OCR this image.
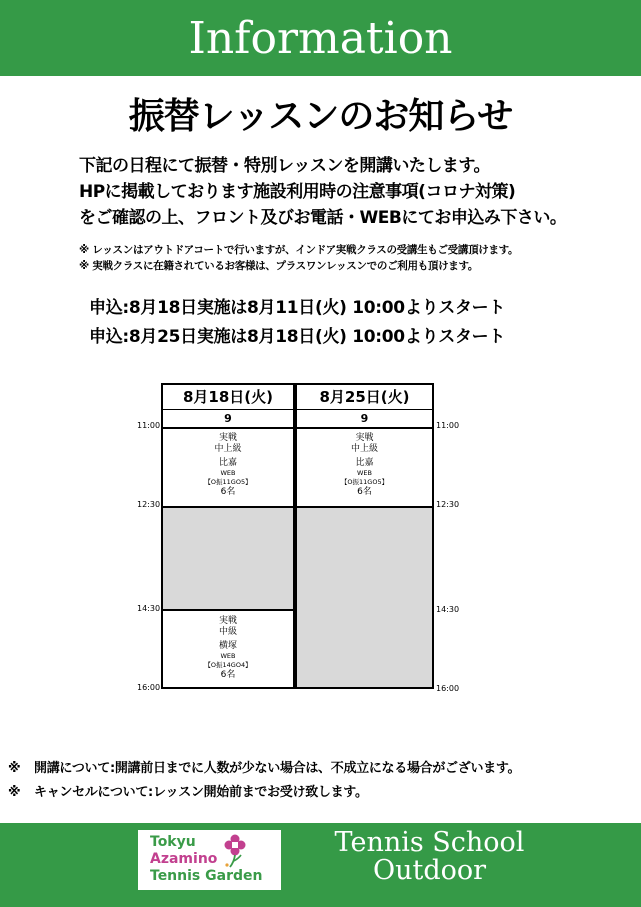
Information
振替レッスンのお知らせ
下記の日程にて振替・特別レッスンを開講いたします。
HPに掲載しております施設利用時の注意事項(コロナ対策)
をご確認の上、フロント及びお電話・WEBにてお申込み下さい。
※ レッスンはアウトドアコートで行いますが、インドア実戦クラスの受講生もご受講頂けます。
※ 実戦クラスに在籍されているお客様は、プラスワンレッスンでのご利用も頂けます。
申込:8月18日実施は8月11日(火) 10:00よりスタート
申込:8月25日実施は8月18日(火) 10:00よりスタート
11:00
12:30
14:30
16:00
11:00
12:30
14:30
16:00
8月18日(火)
9
実戦
中上級
比嘉
WEB
【O振11GO5】
6名
実戦
中級
横塚
WEB
【O振14GO4】
6名
8月25日(火)
9
実戦
中上級
比嘉
WEB
【O振11GO5】
6名
※ 開講について:開講前日までに人数が少ない場合は、不成立になる場合がございます。
※ キャンセルについて:レッスン開始前までお受け致します。
Tokyu
Azamino
Tennis Garden
Tennis School
Outdoor
